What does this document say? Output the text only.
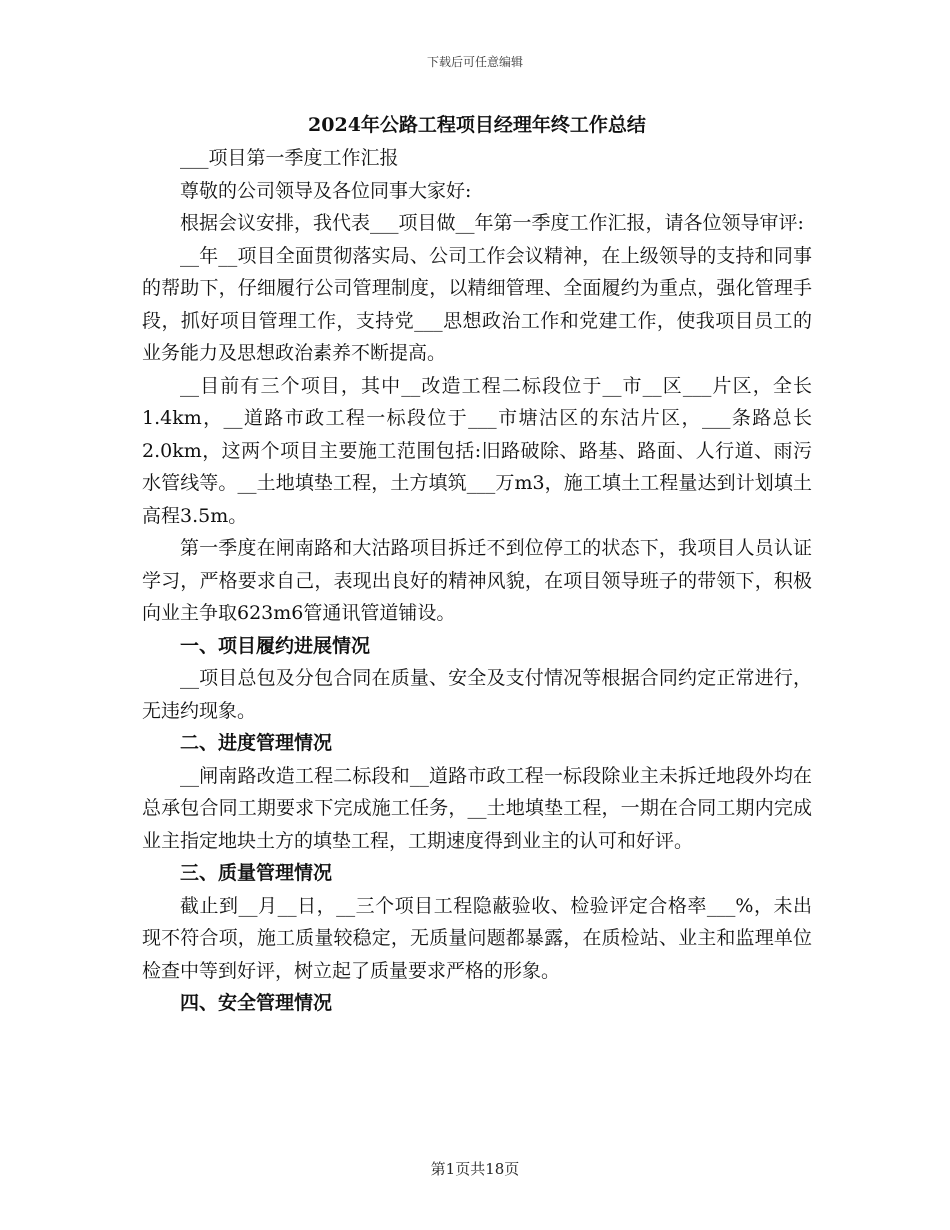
下载后可任意编辑
2024年公路工程项目经理年终工作总结
___项目第一季度工作汇报
尊敬的公司领导及各位同事大家好:
根据会议安排，我代表___项目做__年第一季度工作汇报，请各位领导审评:
__年__项目全面贯彻落实局、公司工作会议精神，在上级领导的支持和同事的帮助下，仔细履行公司管理制度，以精细管理、全面履约为重点，强化管理手段，抓好项目管理工作，支持党___思想政治工作和党建工作，使我项目员工的业务能力及思想政治素养不断提高。
__目前有三个项目，其中__改造工程二标段位于__市__区___片区，全长1.4km，__道路市政工程一标段位于___市塘沽区的东沽片区，___条路总长2.0km，这两个项目主要施工范围包括:旧路破除、路基、路面、人行道、雨污水管线等。__土地填垫工程，土方填筑___万m3，施工填土工程量达到计划填土高程3.5m。
第一季度在闸南路和大沽路项目拆迁不到位停工的状态下，我项目人员认证学习，严格要求自己，表现出良好的精神风貌，在项目领导班子的带领下，积极向业主争取623m6管通讯管道铺设。
一、项目履约进展情况
__项目总包及分包合同在质量、安全及支付情况等根据合同约定正常进行，无违约现象。
二、进度管理情况
__闸南路改造工程二标段和__道路市政工程一标段除业主未拆迁地段外均在总承包合同工期要求下完成施工任务，__土地填垫工程，一期在合同工期内完成业主指定地块土方的填垫工程，工期速度得到业主的认可和好评。
三、质量管理情况
截止到__月__日，__三个项目工程隐蔽验收、检验评定合格率___%，未出现不符合项，施工质量较稳定，无质量问题都暴露，在质检站、业主和监理单位检查中等到好评，树立起了质量要求严格的形象。
四、安全管理情况
第1页共18页
